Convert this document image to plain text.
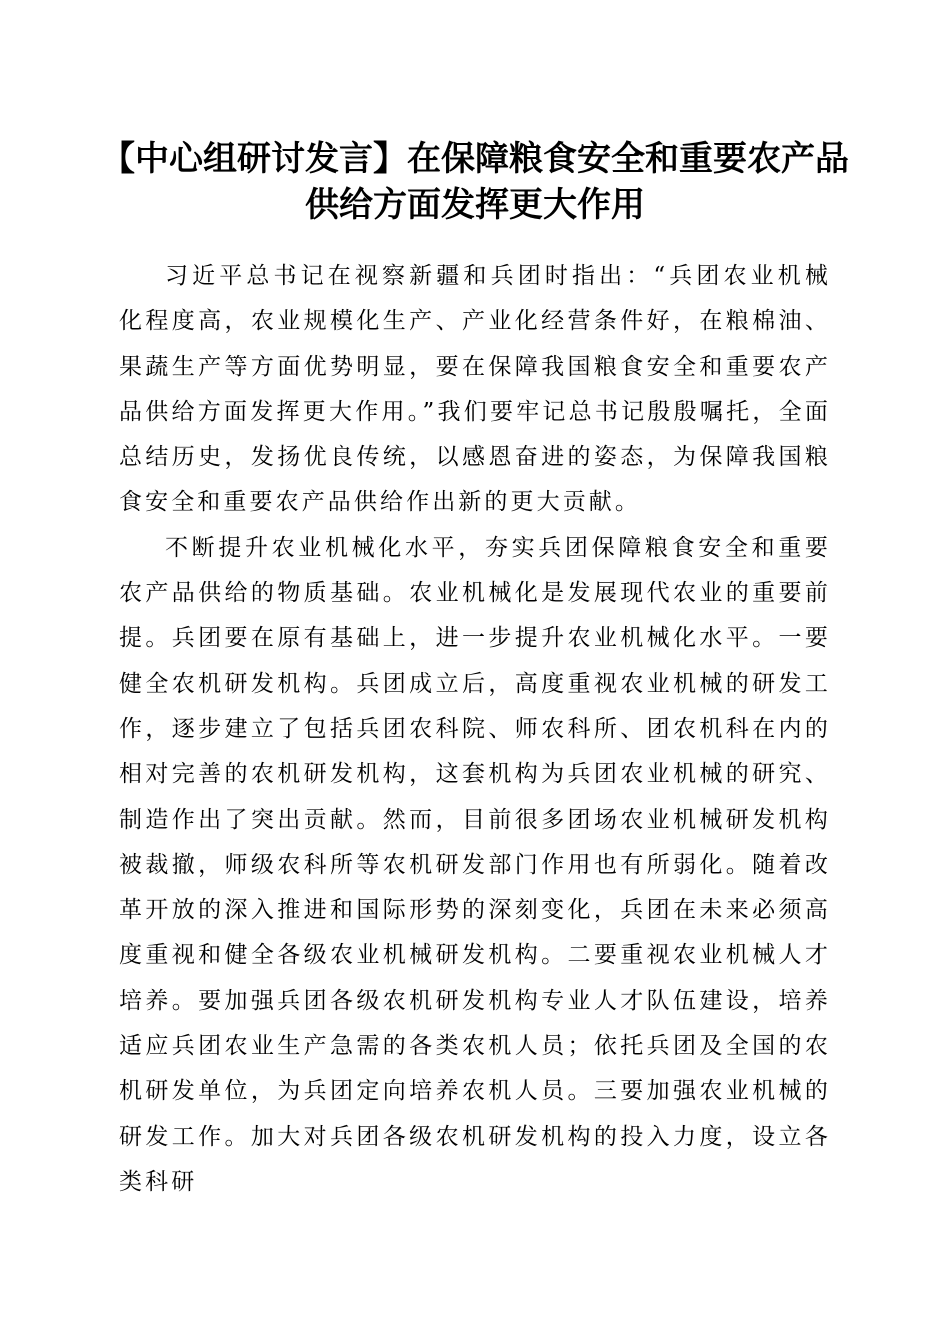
【中心组研讨发言】在保障粮食安全和重要农产品供给方面发挥更大作用

习近平总书记在视察新疆和兵团时指出：“兵团农业机械化程度高，农业规模化生产、产业化经营条件好，在粮棉油、果蔬生产等方面优势明显，要在保障我国粮食安全和重要农产品供给方面发挥更大作用。”我们要牢记总书记殷殷嘱托，全面总结历史，发扬优良传统，以感恩奋进的姿态，为保障我国粮食安全和重要农产品供给作出新的更大贡献。

不断提升农业机械化水平，夯实兵团保障粮食安全和重要农产品供给的物质基础。农业机械化是发展现代农业的重要前提。兵团要在原有基础上，进一步提升农业机械化水平。一要健全农机研发机构。兵团成立后，高度重视农业机械的研发工作，逐步建立了包括兵团农科院、师农科所、团农机科在内的相对完善的农机研发机构，这套机构为兵团农业机械的研究、制造作出了突出贡献。然而，目前很多团场农业机械研发机构被裁撤，师级农科所等农机研发部门作用也有所弱化。随着改革开放的深入推进和国际形势的深刻变化，兵团在未来必须高度重视和健全各级农业机械研发机构。二要重视农业机械人才培养。要加强兵团各级农机研发机构专业人才队伍建设，培养适应兵团农业生产急需的各类农机人员；依托兵团及全国的农机研发单位，为兵团定向培养农机人员。三要加强农业机械的研发工作。加大对兵团各级农机研发机构的投入力度，设立各类科研
